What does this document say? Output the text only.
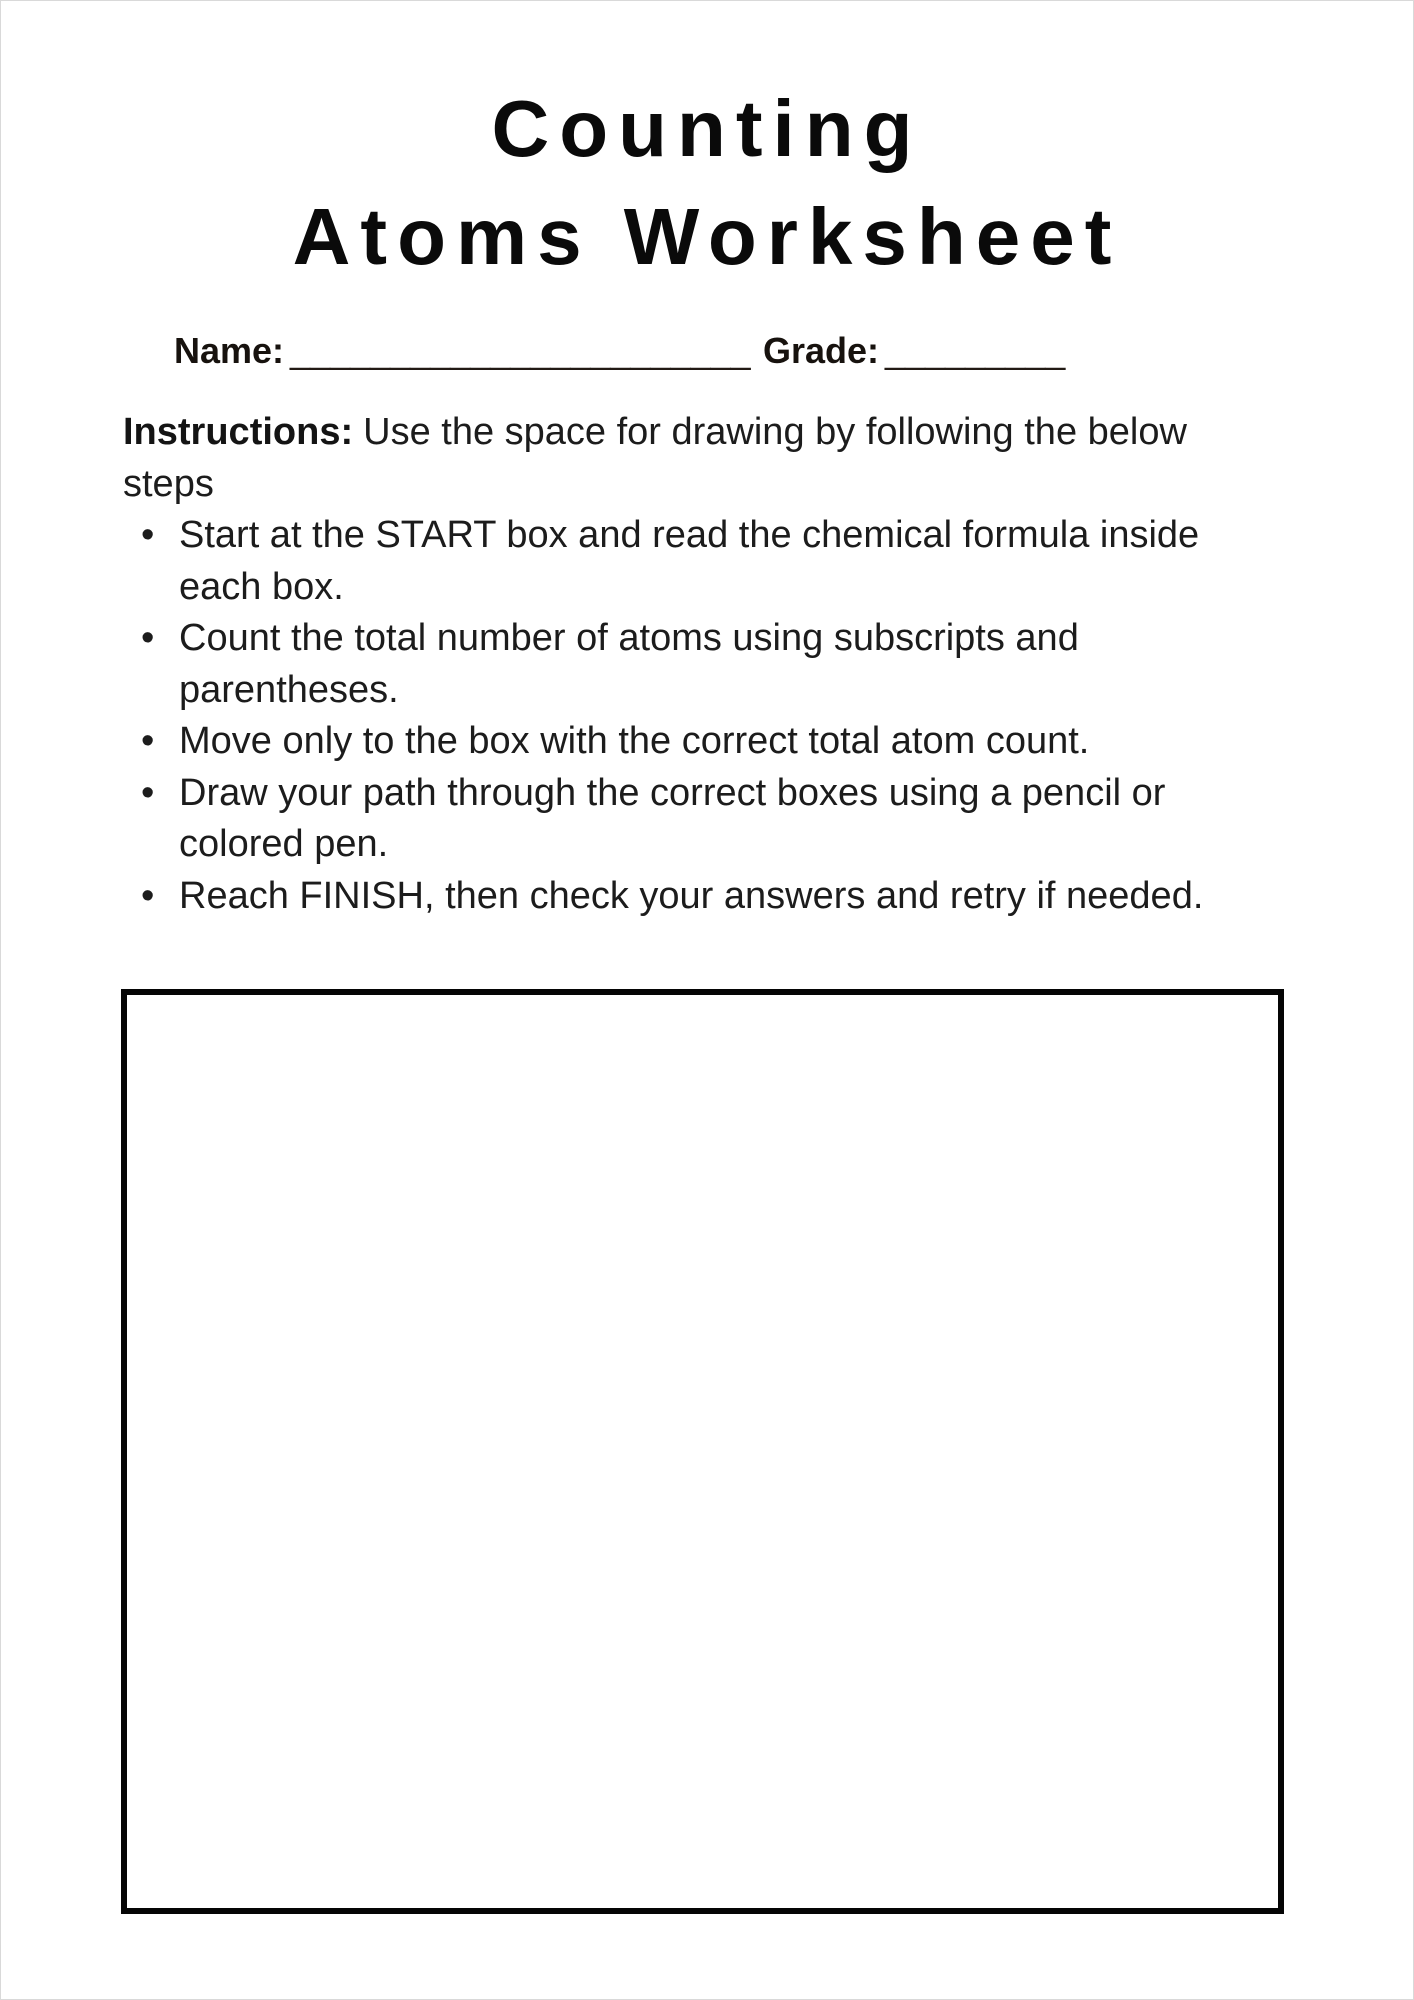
Counting
Atoms Worksheet
Name: _______________________ Grade: _________

Instructions: Use the space for drawing by following the below steps

• Start at the START box and read the chemical formula inside each box.
• Count the total number of atoms using subscripts and parentheses.
• Move only to the box with the correct total atom count.
• Draw your path through the correct boxes using a pencil or colored pen.
• Reach FINISH, then check your answers and retry if needed.
